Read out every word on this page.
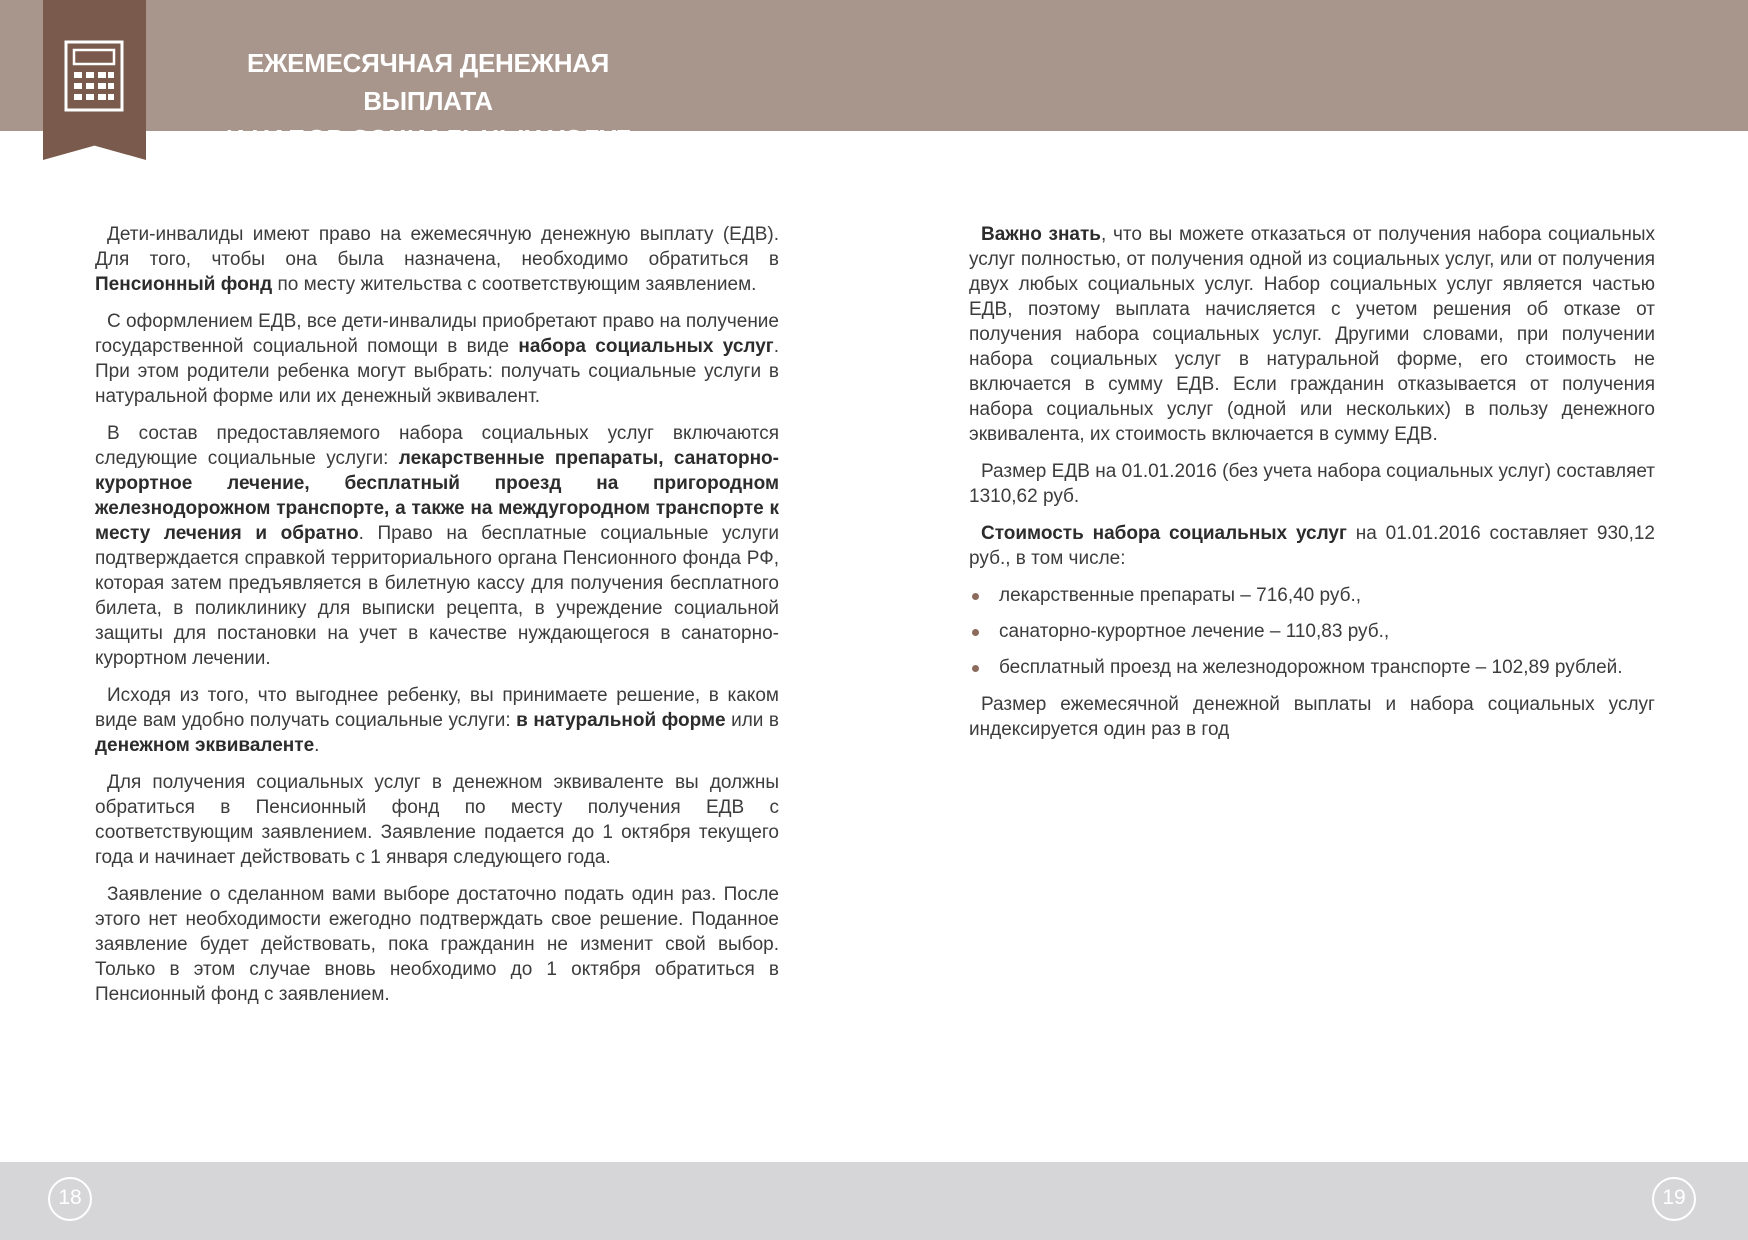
ЕЖЕМЕСЯЧНАЯ ДЕНЕЖНАЯ ВЫПЛАТА
И НАБОР СОЦИАЛЬНЫХ УСЛУГ

Дети-инвалиды имеют право на ежемесячную денежную выплату (ЕДВ). Для того, чтобы она была назначена, необходимо обратиться в Пенсионный фонд по месту жительства с соответствующим заявлением.

С оформлением ЕДВ, все дети-инвалиды приобретают право на получение государственной социальной помощи в виде набора социальных услуг. При этом родители ребенка могут выбрать: получать социальные услуги в натуральной форме или их денежный эквивалент.

В состав предоставляемого набора социальных услуг включаются следующие социальные услуги: лекарственные препараты, санаторно-курортное лечение, бесплатный проезд на пригородном железнодорожном транспорте, а также на междугородном транспорте к месту лечения и обратно. Право на бесплатные социальные услуги подтверждается справкой территориального органа Пенсионного фонда РФ, которая затем предъявляется в билетную кассу для получения бесплатного билета, в поликлинику для выписки рецепта, в учреждение социальной защиты для постановки на учет в качестве нуждающегося в санаторно-курортном лечении.

Исходя из того, что выгоднее ребенку, вы принимаете решение, в каком виде вам удобно получать социальные услуги: в натуральной форме или в денежном эквиваленте.

Для получения социальных услуг в денежном эквиваленте вы должны обратиться в Пенсионный фонд по месту получения ЕДВ с соответствующим заявлением. Заявление подается до 1 октября текущего года и начинает действовать с 1 января следующего года.

Заявление о сделанном вами выборе достаточно подать один раз. После этого нет необходимости ежегодно подтверждать свое решение. Поданное заявление будет действовать, пока гражданин не изменит свой выбор. Только в этом случае вновь необходимо до 1 октября обратиться в Пенсионный фонд с заявлением.

Важно знать, что вы можете отказаться от получения набора социальных услуг полностью, от получения одной из социальных услуг, или от получения двух любых социальных услуг. Набор социальных услуг является частью ЕДВ, поэтому выплата начисляется с учетом решения об отказе от получения набора социальных услуг. Другими словами, при получении набора социальных услуг в натуральной форме, его стоимость не включается в сумму ЕДВ. Если гражданин отказывается от получения набора социальных услуг (одной или нескольких) в пользу денежного эквивалента, их стоимость включается в сумму ЕДВ.

Размер ЕДВ на 01.01.2016 (без учета набора социальных услуг) составляет 1310,62 руб.

Стоимость набора социальных услуг на 01.01.2016 составляет 930,12 руб., в том числе:

лекарственные препараты – 716,40 руб.,
санаторно-курортное лечение – 110,83 руб.,
бесплатный проезд на железнодорожном транспорте – 102,89 рублей.

Размер ежемесячной денежной выплаты и набора социальных услуг индексируется один раз в год

18	19
